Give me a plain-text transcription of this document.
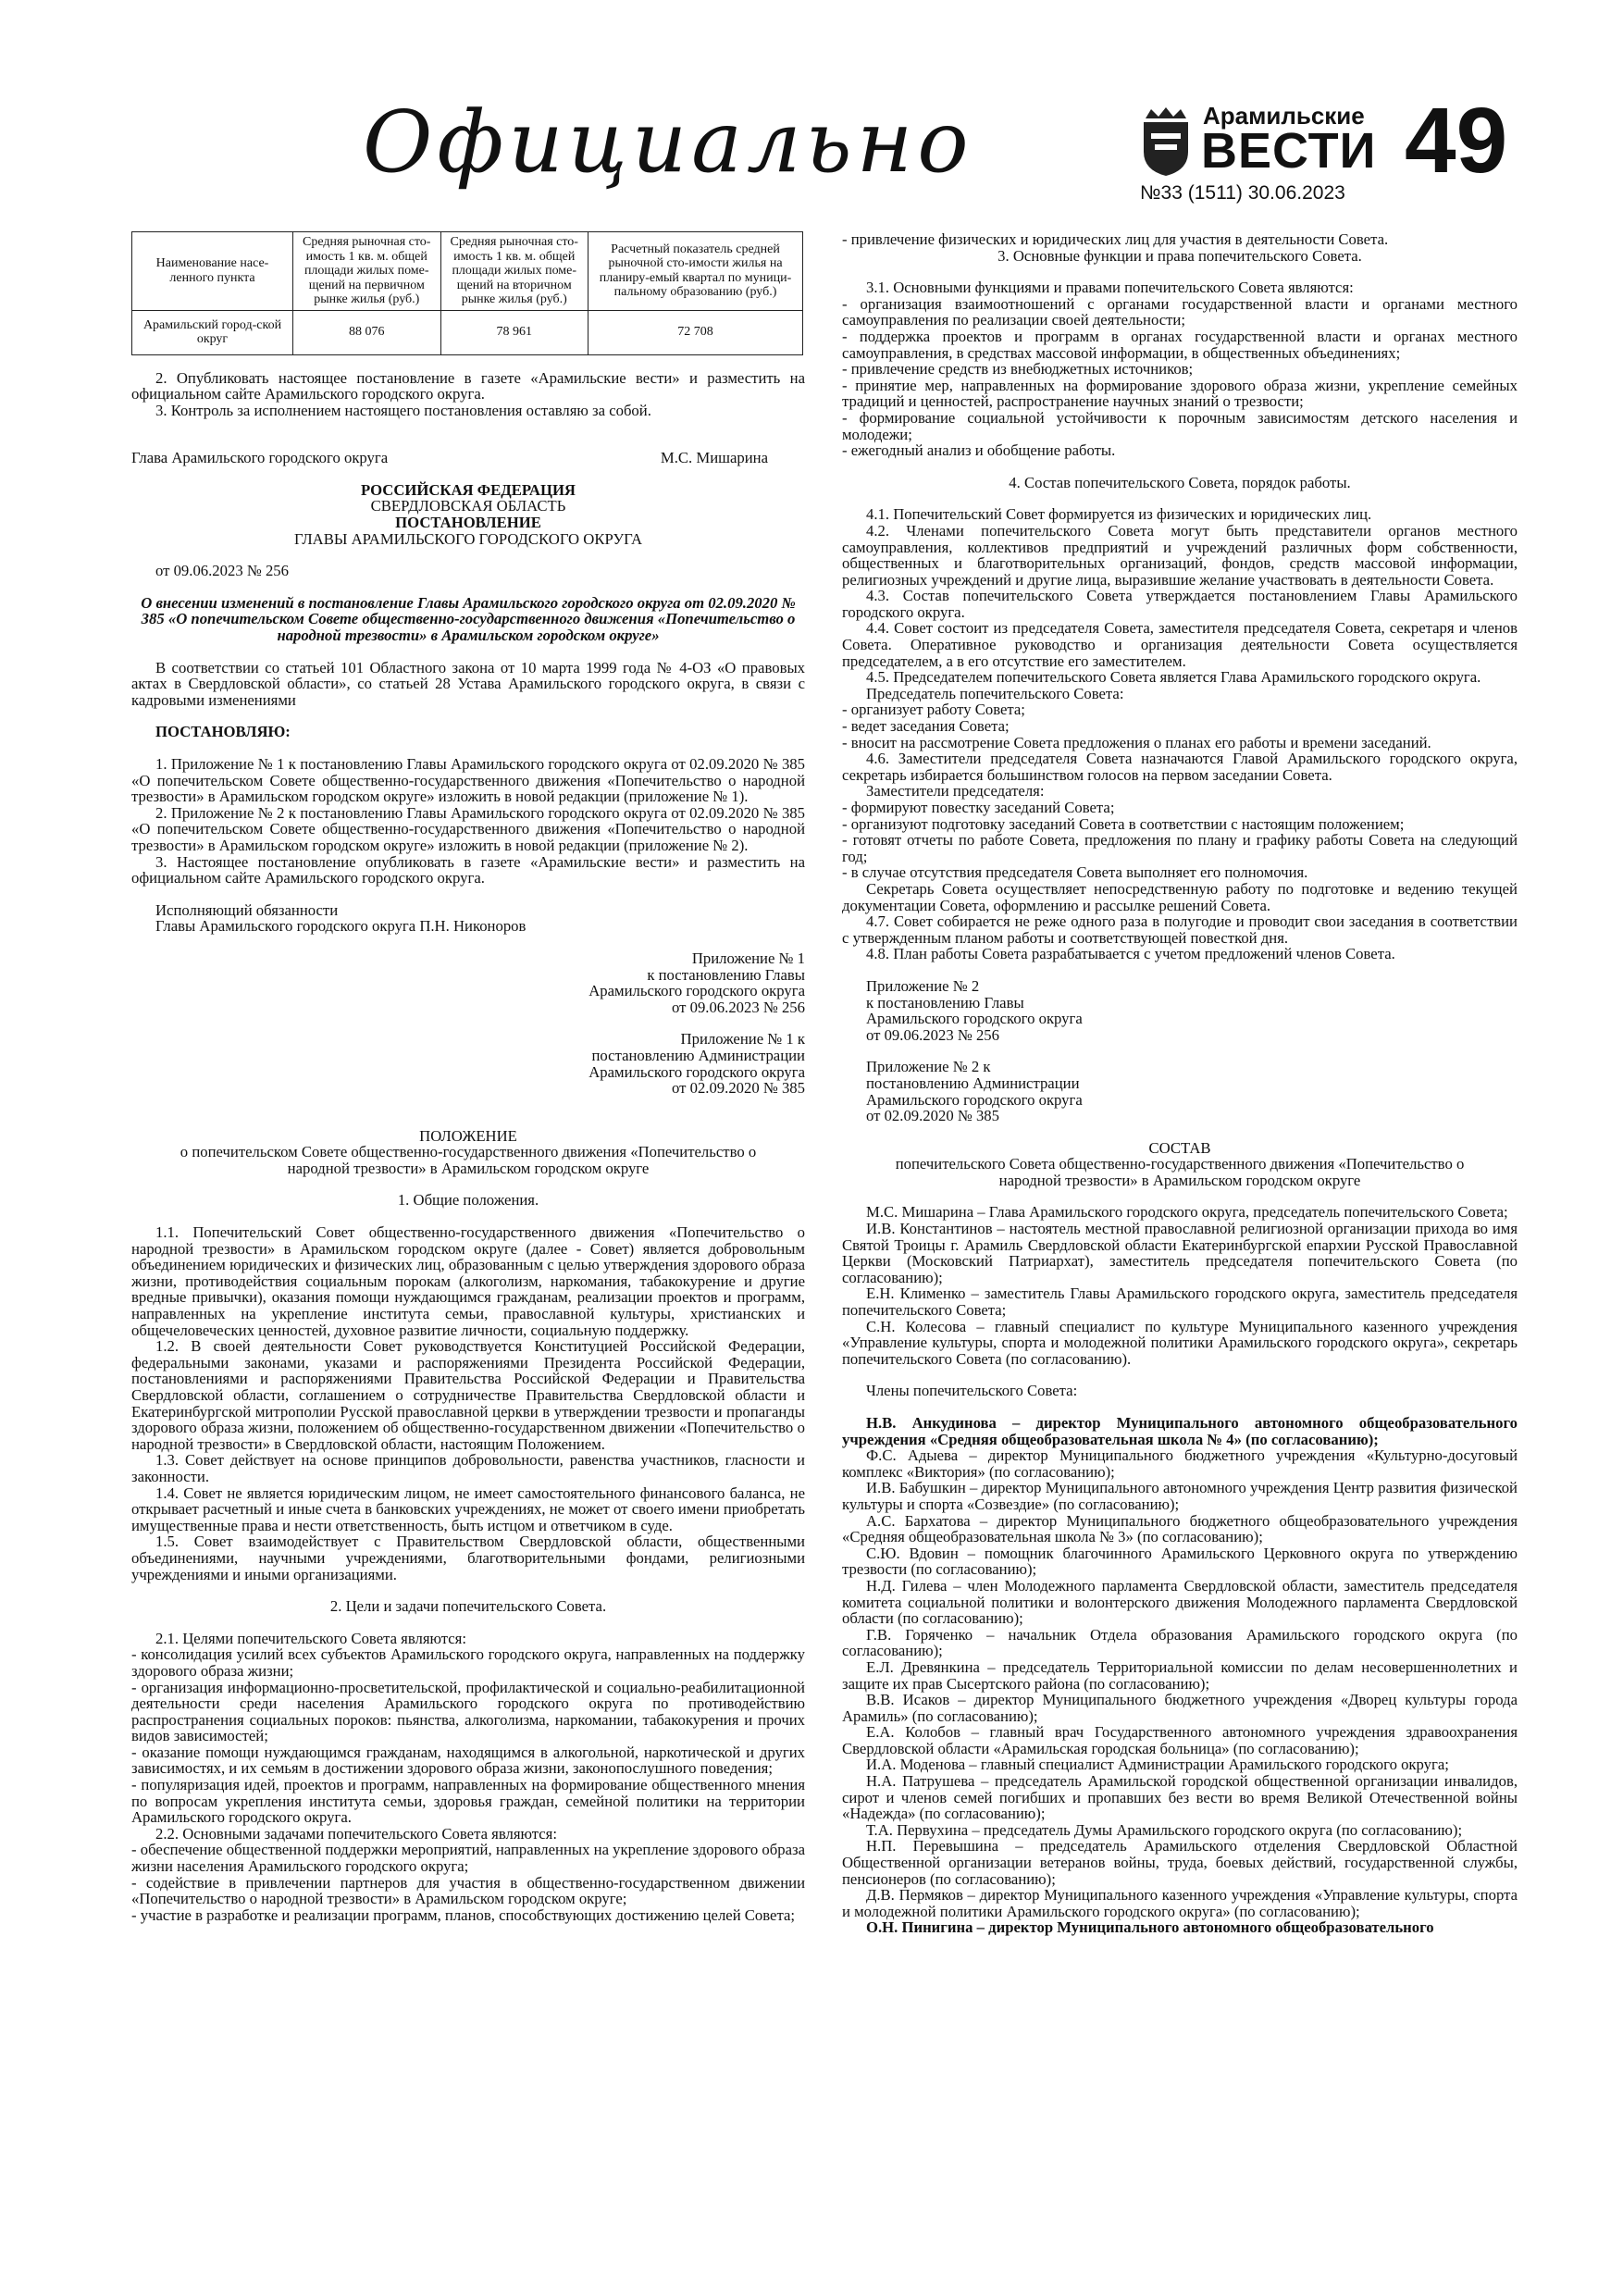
Официально	Арамильские
ВЕСТИ
№33 (1511) 30.06.2023
49
Наименование насе-ленного пункта	Средняя рыночная сто-имость 1 кв. м. общей площади жилых поме-щений на первичном рынке жилья (руб.)	Средняя рыночная сто-имость 1 кв. м. общей площади жилых поме-щений на вторичном рынке жилья (руб.)	Расчетный показатель средней рыночной сто-имости жилья на планиру-емый квартал по муници-пальному образованию (руб.)
Арамильский город-ской округ	88 076	78 961	72 708

2. Опубликовать настоящее постановление в газете «Арамильские вести» и разместить на официальном сайте Арамильского городского округа.

3. Контроль за исполнением настоящего постановления оставляю за собой.

Глава Арамильского городского округа	М.С. Мишарина

РОССИЙСКАЯ ФЕДЕРАЦИЯ

СВЕРДЛОВСКАЯ ОБЛАСТЬ

ПОСТАНОВЛЕНИЕ

ГЛАВЫ АРАМИЛЬСКОГО ГОРОДСКОГО ОКРУГА

от 09.06.2023 № 256

О внесении изменений в постановление Главы Арамильского городского округа от 02.09.2020 № 385 «О попечительском Совете общественно-государственного движения «Попечительство о народной трезвости» в Арамильском городском округе»

В соответствии со статьей 101 Областного закона от 10 марта 1999 года № 4-ОЗ «О правовых актах в Свердловской области», со статьей 28 Устава Арамильского городского округа, в связи с кадровыми изменениями

ПОСТАНОВЛЯЮ:

1. Приложение № 1 к постановлению Главы Арамильского городского округа от 02.09.2020 № 385 «О попечительском Совете общественно-государственного движения «Попечительство о народной трезвости» в Арамильском городском округе» изложить в новой редакции (приложение № 1).

2. Приложение № 2 к постановлению Главы Арамильского городского округа от 02.09.2020 № 385 «О попечительском Совете общественно-государственного движения «Попечительство о народной трезвости» в Арамильском городском округе» изложить в новой редакции (приложение № 2).

3. Настоящее постановление опубликовать в газете «Арамильские вести» и разместить на официальном сайте Арамильского городского округа.

Исполняющий обязанности

Главы Арамильского городского округа П.Н. Никоноров

Приложение № 1

к постановлению Главы

Арамильского городского округа

от 09.06.2023 № 256

Приложение № 1 к

постановлению Администрации

Арамильского городского округа

от 02.09.2020 № 385

ПОЛОЖЕНИЕ

о попечительском Совете общественно-государственного движения «Попечительство о народной трезвости» в Арамильском городском округе

1. Общие положения.

1.1. Попечительский Совет общественно-государственного движения «Попечительство о народной трезвости» в Арамильском городском округе (далее - Совет) является добровольным объединением юридических и физических лиц, образованным с целью утверждения здорового образа жизни, противодействия социальным порокам (алкоголизм, наркомания, табакокурение и другие вредные привычки), оказания помощи нуждающимся гражданам, реализации проектов и программ, направленных на укрепление института семьи, православной культуры, христианских и общечеловеческих ценностей, духовное развитие личности, социальную поддержку.

1.2. В своей деятельности Совет руководствуется Конституцией Российской Федерации, федеральными законами, указами и распоряжениями Президента Российской Федерации, постановлениями и распоряжениями Правительства Российской Федерации и Правительства Свердловской области, соглашением о сотрудничестве Правительства Свердловской области и Екатеринбургской митрополии Русской православной церкви в утверждении трезвости и пропаганды здорового образа жизни, положением об общественно-государственном движении «Попечительство о народной трезвости» в Свердловской области, настоящим Положением.

1.3. Совет действует на основе принципов добровольности, равенства участников, гласности и законности.

1.4. Совет не является юридическим лицом, не имеет самостоятельного финансового баланса, не открывает расчетный и иные счета в банковских учреждениях, не может от своего имени приобретать имущественные права и нести ответственность, быть истцом и ответчиком в суде.

1.5. Совет взаимодействует с Правительством Свердловской области, общественными объединениями, научными учреждениями, благотворительными фондами, религиозными учреждениями и иными организациями.

2. Цели и задачи попечительского Совета.

2.1. Целями попечительского Совета являются:

- консолидация усилий всех субъектов Арамильского городского округа, направленных на поддержку здорового образа жизни;

- организация информационно-просветительской, профилактической и социально-реабилитационной деятельности среди населения Арамильского городского округа по противодействию распространения социальных пороков: пьянства, алкоголизма, наркомании, табакокурения и прочих видов зависимостей;

- оказание помощи нуждающимся гражданам, находящимся в алкогольной, наркотической и других зависимостях, и их семьям в достижении здорового образа жизни, законопослушного поведения;

- популяризация идей, проектов и программ, направленных на формирование общественного мнения по вопросам укрепления института семьи, здоровья граждан, семейной политики на территории Арамильского городского округа.

2.2. Основными задачами попечительского Совета являются:

- обеспечение общественной поддержки мероприятий, направленных на укрепление здорового образа жизни населения Арамильского городского округа;

- содействие в привлечении партнеров для участия в общественно-государственном движении «Попечительство о народной трезвости» в Арамильском городском округе;

- участие в разработке и реализации программ, планов, способствующих достижению целей Совета;

- привлечение физических и юридических лиц для участия в деятельности Совета.

3. Основные функции и права попечительского Совета.

3.1. Основными функциями и правами попечительского Совета являются:

- организация взаимоотношений с органами государственной власти и органами местного самоуправления по реализации своей деятельности;

- поддержка проектов и программ в органах государственной власти и органах местного самоуправления, в средствах массовой информации, в общественных объединениях;

- привлечение средств из внебюджетных источников;

- принятие мер, направленных на формирование здорового образа жизни, укрепление семейных традиций и ценностей, распространение научных знаний о трезвости;

- формирование социальной устойчивости к порочным зависимостям детского населения и молодежи;

- ежегодный анализ и обобщение работы.

4. Состав попечительского Совета, порядок работы.

4.1. Попечительский Совет формируется из физических и юридических лиц.

4.2. Членами попечительского Совета могут быть представители органов местного самоуправления, коллективов предприятий и учреждений различных форм собственности, общественных и благотворительных организаций, фондов, средств массовой информации, религиозных учреждений и другие лица, выразившие желание участвовать в деятельности Совета.

4.3. Состав попечительского Совета утверждается постановлением Главы Арамильского городского округа.

4.4. Совет состоит из председателя Совета, заместителя председателя Совета, секретаря и членов Совета. Оперативное руководство и организация деятельности Совета осуществляется председателем, а в его отсутствие его заместителем.

4.5. Председателем попечительского Совета является Глава Арамильского городского округа.

Председатель попечительского Совета:

- организует работу Совета;

- ведет заседания Совета;

- вносит на рассмотрение Совета предложения о планах его работы и времени заседаний.

4.6. Заместители председателя Совета назначаются Главой Арамильского городского округа, секретарь избирается большинством голосов на первом заседании Совета.

Заместители председателя:

- формируют повестку заседаний Совета;

- организуют подготовку заседаний Совета в соответствии с настоящим положением;

- готовят отчеты по работе Совета, предложения по плану и графику работы Совета на следующий год;

- в случае отсутствия председателя Совета выполняет его полномочия.

Секретарь Совета осуществляет непосредственную работу по подготовке и ведению текущей документации Совета, оформлению и рассылке решений Совета.

4.7. Совет собирается не реже одного раза в полугодие и проводит свои заседания в соответствии с утвержденным планом работы и соответствующей повесткой дня.

4.8. План работы Совета разрабатывается с учетом предложений членов Совета.

Приложение № 2

к постановлению Главы

Арамильского городского округа

от 09.06.2023 № 256

Приложение № 2 к

постановлению Администрации

Арамильского городского округа

от 02.09.2020 № 385

СОСТАВ

попечительского Совета общественно-государственного движения «Попечительство о народной трезвости» в Арамильском городском округе

М.С. Мишарина – Глава Арамильского городского округа, председатель попечительского Совета;

И.В. Константинов – настоятель местной православной религиозной организации прихода во имя Святой Троицы г. Арамиль Свердловской области Екатеринбургской епархии Русской Православной Церкви (Московский Патриархат), заместитель председателя попечительского Совета (по согласованию);

Е.Н. Клименко – заместитель Главы Арамильского городского округа, заместитель председателя попечительского Совета;

С.Н. Колесова – главный специалист по культуре Муниципального казенного учреждения «Управление культуры, спорта и молодежной политики Арамильского городского округа», секретарь попечительского Совета (по согласованию).

Члены попечительского Совета:

Н.В. Анкудинова – директор Муниципального автономного общеобразовательного учреждения «Средняя общеобразовательная школа № 4» (по согласованию);

Ф.С. Адыева – директор Муниципального бюджетного учреждения «Культурно-досуговый комплекс «Виктория» (по согласованию);

И.В. Бабушкин – директор Муниципального автономного учреждения Центр развития физической культуры и спорта «Созвездие» (по согласованию);

А.С. Бархатова – директор Муниципального бюджетного общеобразовательного учреждения «Средняя общеобразовательная школа № 3» (по согласованию);

С.Ю. Вдовин – помощник благочинного Арамильского Церковного округа по утверждению трезвости (по согласованию);

Н.Д. Гилева – член Молодежного парламента Свердловской области, заместитель председателя комитета социальной политики и волонтерского движения Молодежного парламента Свердловской области (по согласованию);

Г.В. Горяченко – начальник Отдела образования Арамильского городского округа (по согласованию);

Е.Л. Древянкина – председатель Территориальной комиссии по делам несовершеннолетних и защите их прав Сысертского района (по согласованию);

В.В. Исаков – директор Муниципального бюджетного учреждения «Дворец культуры города Арамиль» (по согласованию);

Е.А. Колобов – главный врач Государственного автономного учреждения здравоохранения Свердловской области «Арамильская городская больница» (по согласованию);

И.А. Моденова – главный специалист Администрации Арамильского городского округа;

Н.А. Патрушева – председатель Арамильской городской общественной организации инвалидов, сирот и членов семей погибших и пропавших без вести во время Великой Отечественной войны «Надежда» (по согласованию);

Т.А. Первухина – председатель Думы Арамильского городского округа (по согласованию);

Н.П. Перевышина – председатель Арамильского отделения Свердловской Областной Общественной организации ветеранов войны, труда, боевых действий, государственной службы, пенсионеров (по согласованию);

Д.В. Пермяков – директор Муниципального казенного учреждения «Управление культуры, спорта и молодежной политики Арамильского городского округа» (по согласованию);

О.Н. Пинигина – директор Муниципального автономного общеобразовательного
